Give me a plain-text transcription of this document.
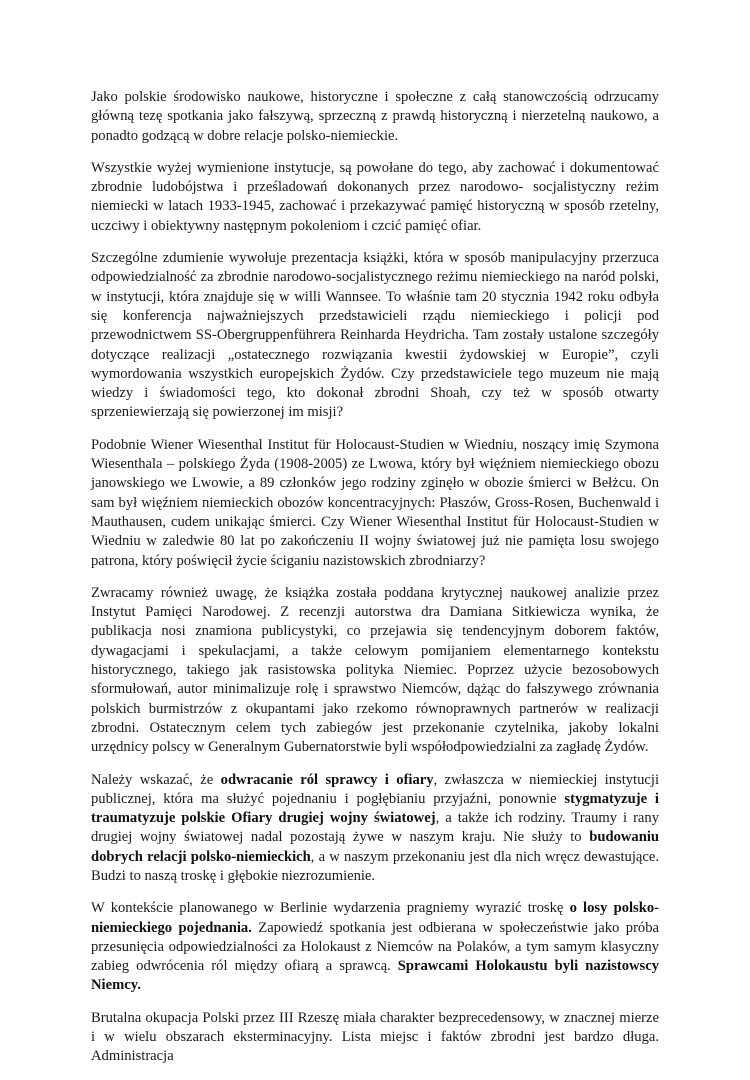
Jako polskie środowisko naukowe, historyczne i społeczne z całą stanowczością odrzucamy główną tezę spotkania jako fałszywą, sprzeczną z prawdą historyczną i nierzetelną naukowo, a ponadto godzącą w dobre relacje polsko-niemieckie.

Wszystkie wyżej wymienione instytucje, są powołane do tego, aby zachować i dokumentować zbrodnie ludobójstwa i prześladowań dokonanych przez narodowo- socjalistyczny reżim niemiecki w latach 1933-1945, zachować i przekazywać pamięć historyczną w sposób rzetelny, uczciwy i obiektywny następnym pokoleniom i czcić pamięć ofiar.

Szczególne zdumienie wywołuje prezentacja książki, która w sposób manipulacyjny przerzuca odpowiedzialność za zbrodnie narodowo-socjalistycznego reżimu niemieckiego na naród polski, w instytucji, która znajduje się w willi Wannsee. To właśnie tam 20 stycznia 1942 roku odbyła się konferencja najważniejszych przedstawicieli rządu niemieckiego i policji pod przewodnictwem SS-Obergruppenführera Reinharda Heydricha. Tam zostały ustalone szczegóły dotyczące realizacji „ostatecznego rozwiązania kwestii żydowskiej w Europie”, czyli wymordowania wszystkich europejskich Żydów. Czy przedstawiciele tego muzeum nie mają wiedzy i świadomości tego, kto dokonał zbrodni Shoah, czy też w sposób otwarty sprzeniewierzają się powierzonej im misji?

Podobnie Wiener Wiesenthal Institut für Holocaust-Studien w Wiedniu, noszący imię Szymona Wiesenthala – polskiego Żyda (1908-2005) ze Lwowa, który był więźniem niemieckiego obozu janowskiego we Lwowie, a 89 członków jego rodziny zginęło w obozie śmierci w Bełżcu. On sam był więźniem niemieckich obozów koncentracyjnych: Płaszów, Gross-Rosen, Buchenwald i Mauthausen, cudem unikając śmierci. Czy Wiener Wiesenthal Institut für Holocaust-Studien w Wiedniu w zaledwie 80 lat po zakończeniu II wojny światowej już nie pamięta losu swojego patrona, który poświęcił życie ściganiu nazistowskich zbrodniarzy?

Zwracamy również uwagę, że książka została poddana krytycznej naukowej analizie przez Instytut Pamięci Narodowej. Z recenzji autorstwa dra Damiana Sitkiewicza wynika, że publikacja nosi znamiona publicystyki, co przejawia się tendencyjnym doborem faktów, dywagacjami i spekulacjami, a także celowym pomijaniem elementarnego kontekstu historycznego, takiego jak rasistowska polityka Niemiec. Poprzez użycie bezosobowych sformułowań, autor minimalizuje rolę i sprawstwo Niemców, dążąc do fałszywego zrównania polskich burmistrzów z okupantami jako rzekomo równoprawnych partnerów w realizacji zbrodni. Ostatecznym celem tych zabiegów jest przekonanie czytelnika, jakoby lokalni urzędnicy polscy w Generalnym Gubernatorstwie byli współodpowiedzialni za zagładę Żydów.

Należy wskazać, że odwracanie ról sprawcy i ofiary, zwłaszcza w niemieckiej instytucji publicznej, która ma służyć pojednaniu i pogłębianiu przyjaźni, ponownie stygmatyzuje i traumatyzuje polskie Ofiary drugiej wojny światowej, a także ich rodziny. Traumy i rany drugiej wojny światowej nadal pozostają żywe w naszym kraju. Nie służy to budowaniu dobrych relacji polsko-niemieckich, a w naszym przekonaniu jest dla nich wręcz dewastujące. Budzi to naszą troskę i głębokie niezrozumienie.

W kontekście planowanego w Berlinie wydarzenia pragniemy wyrazić troskę o losy polsko-niemieckiego pojednania. Zapowiedź spotkania jest odbierana w społeczeństwie jako próba przesunięcia odpowiedzialności za Holokaust z Niemców na Polaków, a tym samym klasyczny zabieg odwrócenia ról między ofiarą a sprawcą. Sprawcami Holokaustu byli nazistowscy Niemcy.

Brutalna okupacja Polski przez III Rzeszę miała charakter bezprecedensowy, w znacznej mierze i w wielu obszarach eksterminacyjny. Lista miejsc i faktów zbrodni jest bardzo długa. Administracja
